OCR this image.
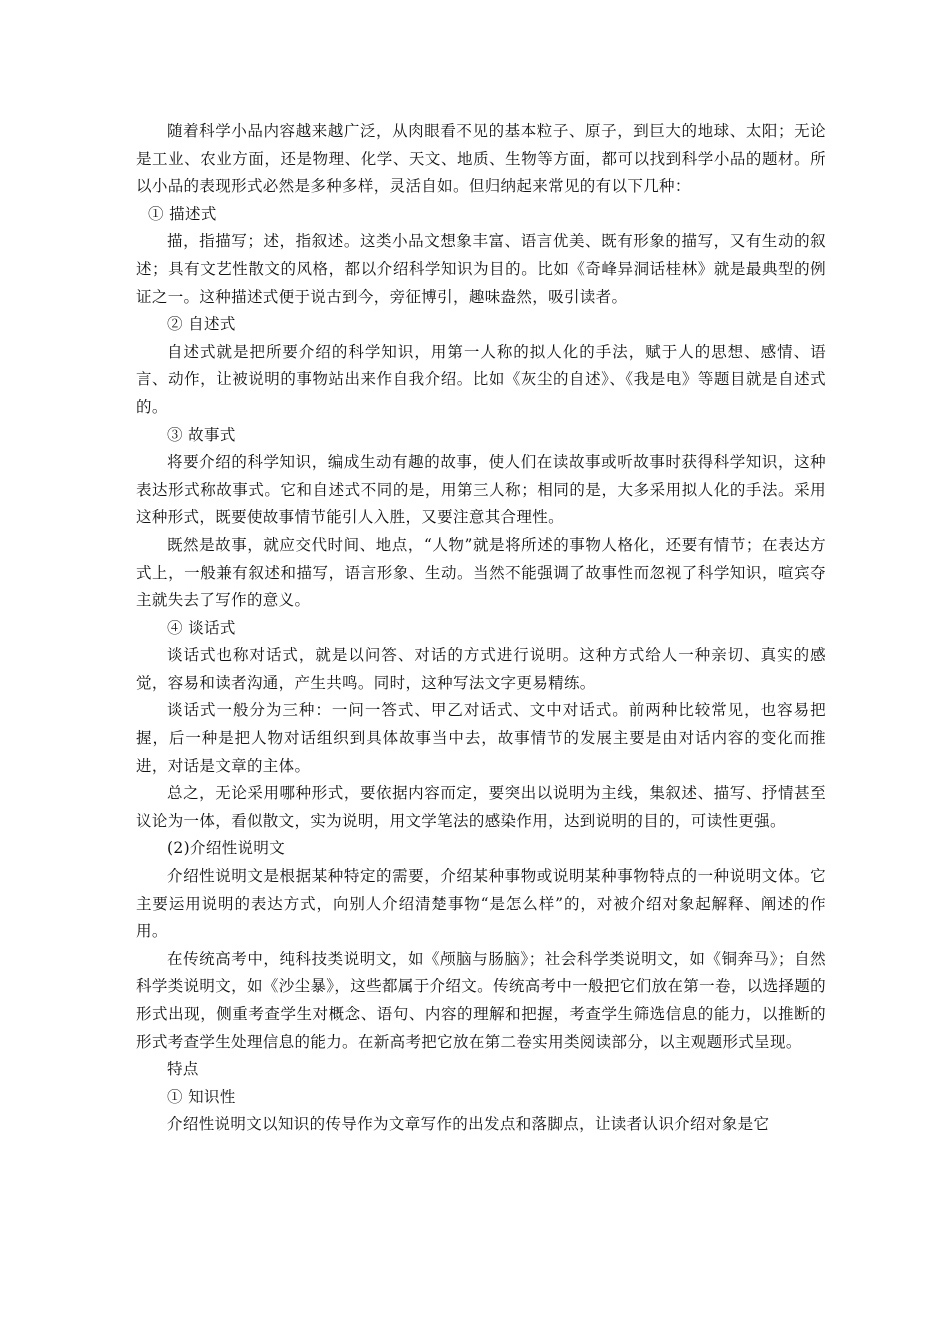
随着科学小品内容越来越广泛，从肉眼看不见的基本粒子、原子，到巨大的地球、太阳；无论是工业、农业方面，还是物理、化学、天文、地质、生物等方面，都可以找到科学小品的题材。所以小品的表现形式必然是多种多样，灵活自如。但归纳起来常见的有以下几种：

① 描述式

描，指描写；述，指叙述。这类小品文想象丰富、语言优美、既有形象的描写，又有生动的叙述；具有文艺性散文的风格，都以介绍科学知识为目的。比如《奇峰异洞话桂林》就是最典型的例证之一。这种描述式便于说古到今，旁征博引，趣味盎然，吸引读者。

② 自述式

自述式就是把所要介绍的科学知识，用第一人称的拟人化的手法，赋于人的思想、感情、语言、动作，让被说明的事物站出来作自我介绍。比如《灰尘的自述》、《我是电》等题目就是自述式的。

③ 故事式

将要介绍的科学知识，编成生动有趣的故事，使人们在读故事或听故事时获得科学知识，这种表达形式称故事式。它和自述式不同的是，用第三人称；相同的是，大多采用拟人化的手法。采用这种形式，既要使故事情节能引人入胜，又要注意其合理性。

既然是故事，就应交代时间、地点，“人物”就是将所述的事物人格化，还要有情节；在表达方式上，一般兼有叙述和描写，语言形象、生动。当然不能强调了故事性而忽视了科学知识，喧宾夺主就失去了写作的意义。

④ 谈话式

谈话式也称对话式，就是以问答、对话的方式进行说明。这种方式给人一种亲切、真实的感觉，容易和读者沟通，产生共鸣。同时，这种写法文字更易精练。

谈话式一般分为三种：一问一答式、甲乙对话式、文中对话式。前两种比较常见，也容易把握，后一种是把人物对话组织到具体故事当中去，故事情节的发展主要是由对话内容的变化而推进，对话是文章的主体。

总之，无论采用哪种形式，要依据内容而定，要突出以说明为主线，集叙述、描写、抒情甚至议论为一体，看似散文，实为说明，用文学笔法的感染作用，达到说明的目的，可读性更强。

(2)介绍性说明文

介绍性说明文是根据某种特定的需要，介绍某种事物或说明某种事物特点的一种说明文体。它主要运用说明的表达方式，向别人介绍清楚事物“是怎么样”的，对被介绍对象起解释、阐述的作用。

在传统高考中，纯科技类说明文，如《颅脑与肠脑》；社会科学类说明文，如《铜奔马》；自然科学类说明文，如《沙尘暴》，这些都属于介绍文。传统高考中一般把它们放在第一卷，以选择题的形式出现，侧重考查学生对概念、语句、内容的理解和把握，考查学生筛选信息的能力，以推断的形式考查学生处理信息的能力。在新高考把它放在第二卷实用类阅读部分，以主观题形式呈现。

特点

① 知识性

介绍性说明文以知识的传导作为文章写作的出发点和落脚点，让读者认识介绍对象是它
